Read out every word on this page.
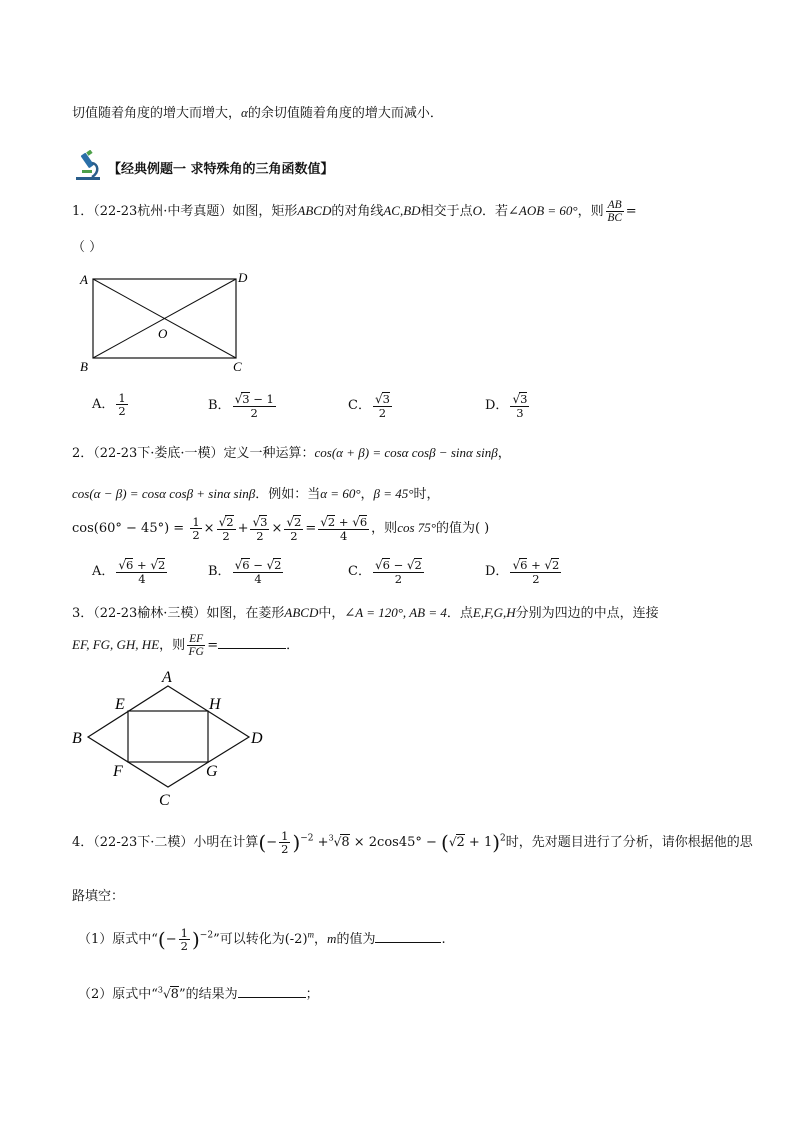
切值随着角度的增大而增大，α的余切值随着角度的增大而减小．
【经典例题一 求特殊角的三角函数值】
1．（22-23杭州·中考真题）如图，矩形ABCD的对角线AC,BD相交于点O．若∠AOB = 60°，则 $\frac{AB}{BC}$ =
（ ）
A	D
O
B	C
A． $\frac{1}{2}$	B． $\frac{√3 - 1}{2}$	C． $\frac{√3}{2}$	D． $\frac{√3}{3}$
2．（22-23下·娄底·一模）定义一种运算：cos(α + β) = cosα cosβ − sinα sinβ，
cos(α − β) = cosα cosβ + sinα sinβ．例如：当α = 60°，β = 45°时，
$\cos(60^\circ - 45^\circ) = \frac{1}{2} \times \frac{√2}{2} + \frac{√3}{2} \times \frac{√2}{2} = \frac{√2 + √6}{4}$ ，则cos 75°的值为( )
A． $\frac{√6 + √2}{4}$	B． $\frac{√6 - √2}{4}$	C． $\frac{√6 - √2}{2}$	D． $\frac{√6 + √2}{2}$
3．（22-23榆林·三模）如图，在菱形ABCD中，∠A = 120°, AB = 4．点E,F,G,H分别为四边的中点，连接
EF, FG, GH, HE，则 $\frac{EF}{FG}$ =	．
A
E	H
B	D
F	G
C
4．（22-23下·二模）小明在计算(− $\frac{1}{2} )^{-2} +^3√8 \times 2\cos 45^\circ - (√2 + 1)^2$时，先对题目进行了分析，请你根据他的思
路填空：
（1）原式中“(− $\frac{1}{2} )^{-2}$”可以转化为$(-2)^m$，m的值为	.
（2）原式中“$^3$√8”的结果为	；
